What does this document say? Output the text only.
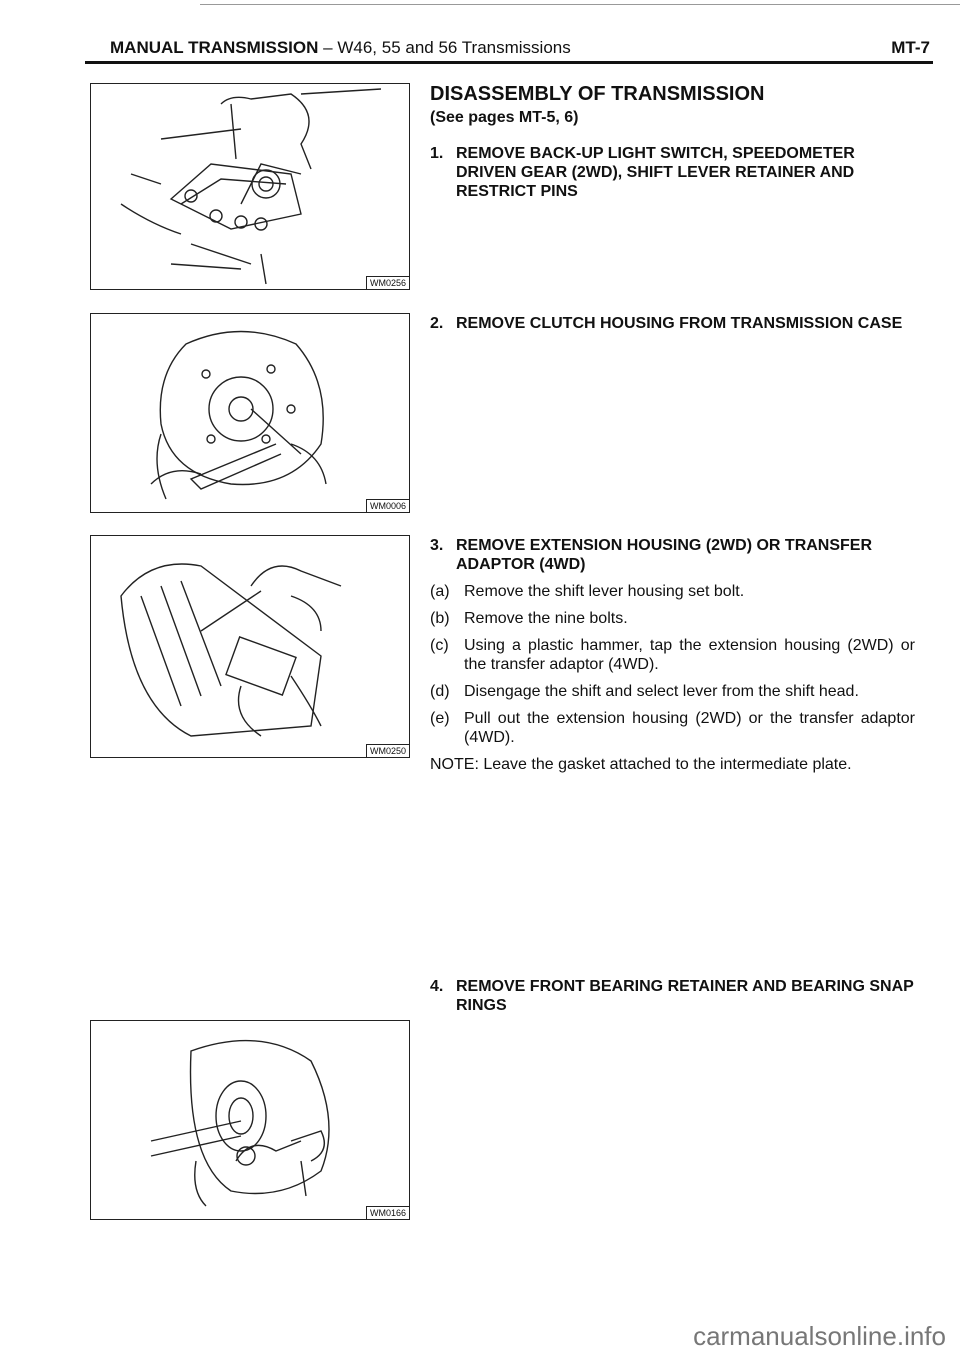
MANUAL TRANSMISSION – W46, 55 and 56 Transmissions	MT-7
WM0256
WM0006
WM0250
WM0166
DISASSEMBLY OF TRANSMISSION
(See pages MT-5, 6)
1. REMOVE BACK-UP LIGHT SWITCH, SPEEDOMETER DRIVEN GEAR (2WD), SHIFT LEVER RETAINER AND RESTRICT PINS
2. REMOVE CLUTCH HOUSING FROM TRANSMISSION CASE
3. REMOVE EXTENSION HOUSING (2WD) OR TRANSFER ADAPTOR (4WD)
(a) Remove the shift lever housing set bolt.
(b) Remove the nine bolts.
(c) Using a plastic hammer, tap the extension housing (2WD) or the transfer adaptor (4WD).
(d) Disengage the shift and select lever from the shift head.
(e) Pull out the extension housing (2WD) or the transfer adaptor (4WD).
NOTE: Leave the gasket attached to the intermediate plate.
4. REMOVE FRONT BEARING RETAINER AND BEARING SNAP RINGS
carmanualsonline.info
